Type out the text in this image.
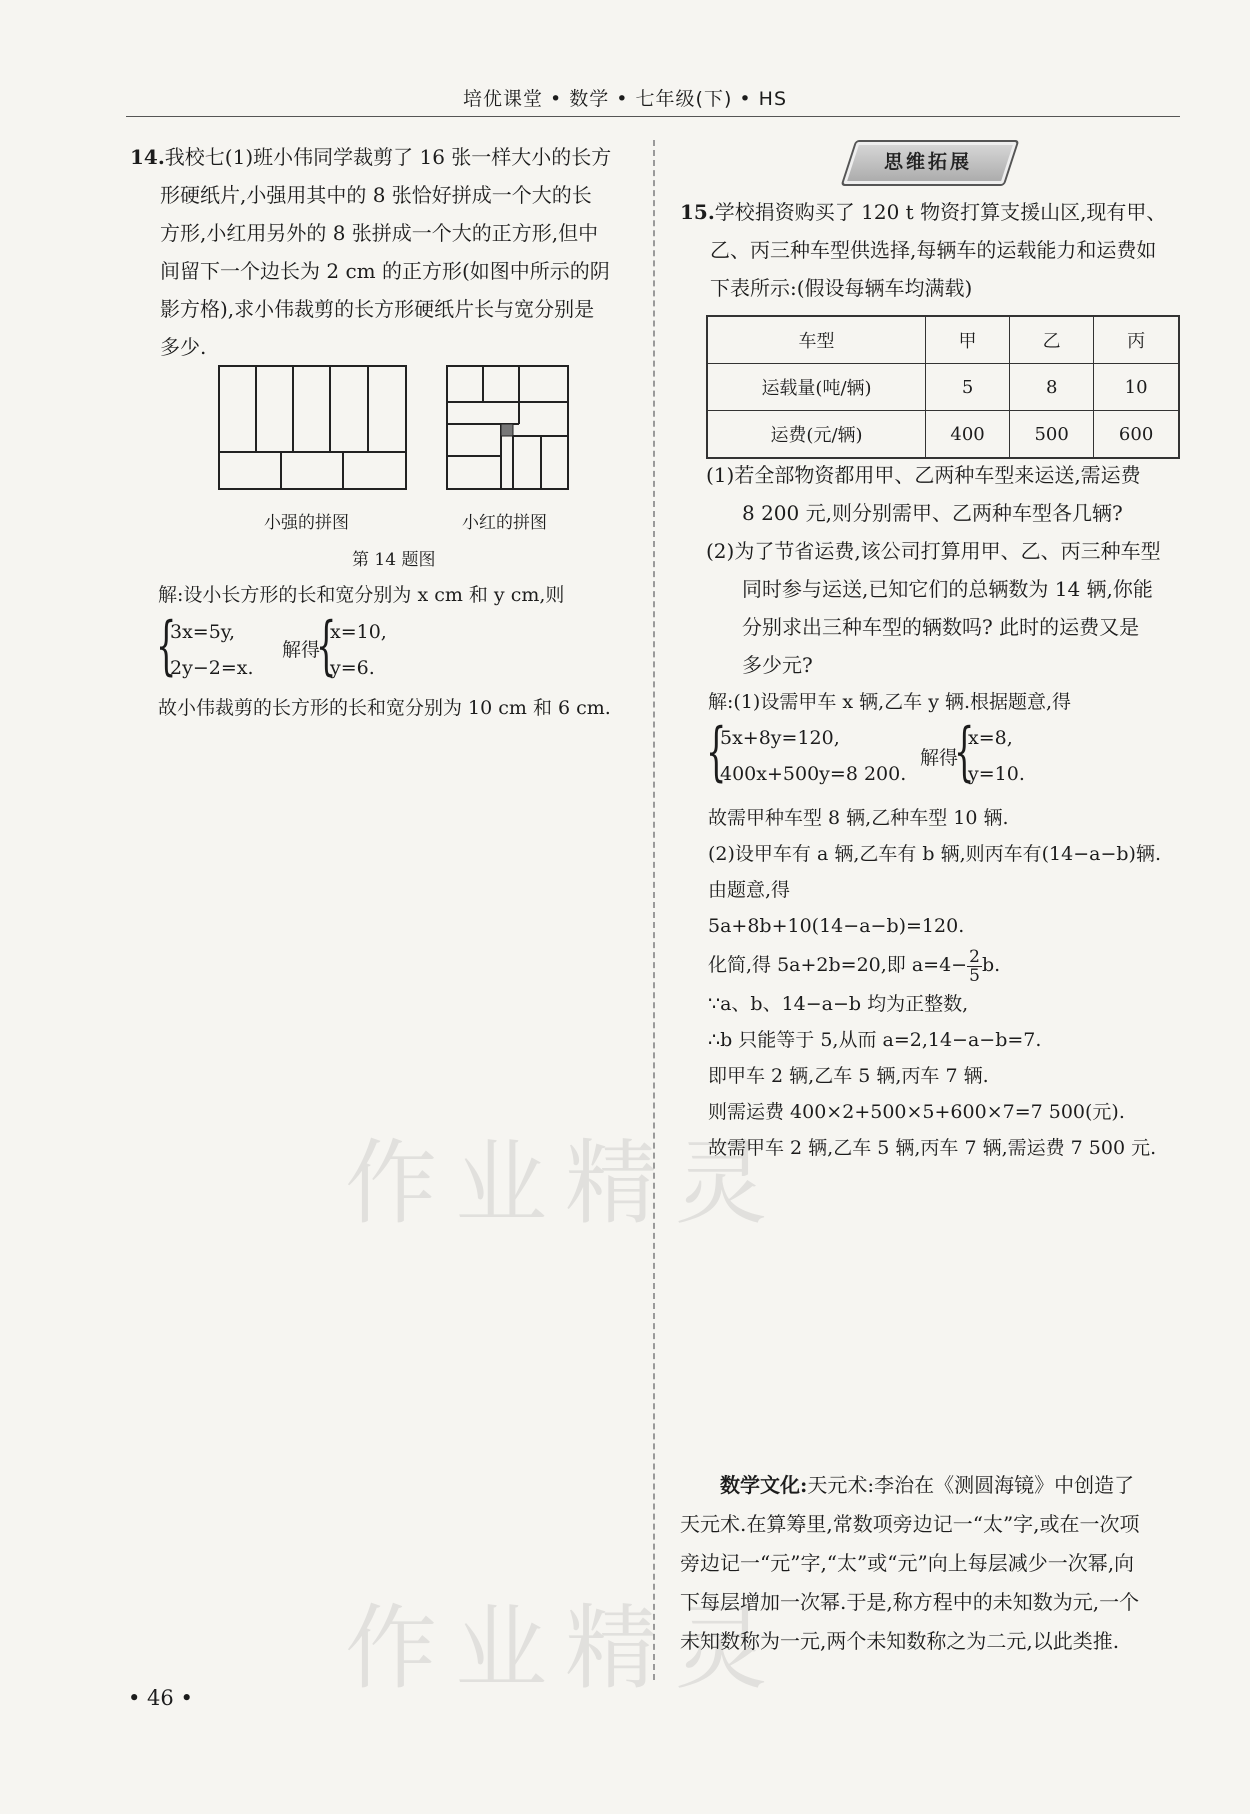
培优课堂 • 数学 • 七年级(下) • HS
作业精灵
作业精灵
14.我校七(1)班小伟同学裁剪了 16 张一样大小的长方
形硬纸片,小强用其中的 8 张恰好拼成一个大的长
方形,小红用另外的 8 张拼成一个大的正方形,但中
间留下一个边长为 2 cm 的正方形(如图中所示的阴
影方格),求小伟裁剪的长方形硬纸片长与宽分别是
多少.
小强的拼图	小红的拼图
第 14 题图
解:设小长方形的长和宽分别为 x cm 和 y cm,则
{
3x=5y,
2y−2=x.
解得
{
x=10,
y=6.
故小伟裁剪的长方形的长和宽分别为 10 cm 和 6 cm.
思维拓展
15.学校捐资购买了 120 t 物资打算支援山区,现有甲、
乙、丙三种车型供选择,每辆车的运载能力和运费如
下表所示:(假设每辆车均满载)
车型	甲	乙	丙
运载量(吨/辆)	5	8	10
运费(元/辆)	400	500	600
(1)若全部物资都用甲、乙两种车型来运送,需运费
8 200 元,则分别需甲、乙两种车型各几辆?
(2)为了节省运费,该公司打算用甲、乙、丙三种车型
同时参与运送,已知它们的总辆数为 14 辆,你能
分别求出三种车型的辆数吗? 此时的运费又是
多少元?
解:(1)设需甲车 x 辆,乙车 y 辆.根据题意,得
{
5x+8y=120,
400x+500y=8 200.
解得
{
x=8,
y=10.
故需甲种车型 8 辆,乙种车型 10 辆.
(2)设甲车有 a 辆,乙车有 b 辆,则丙车有(14−a−b)辆.
由题意,得
5a+8b+10(14−a−b)=120.
化简,得 5a+2b=20,即 $a=4- \frac{2}{5} b$.
∵a、b、14−a−b 均为正整数,
∴b 只能等于 5,从而 a=2,14−a−b=7.
即甲车 2 辆,乙车 5 辆,丙车 7 辆.
则需运费 400×2+500×5+600×7=7 500(元).
故需甲车 2 辆,乙车 5 辆,丙车 7 辆,需运费 7 500 元.
数学文化:天元术:李治在《测圆海镜》中创造了
天元术.在算筹里,常数项旁边记一“太”字,或在一次项
旁边记一“元”字,“太”或“元”向上每层减少一次幂,向
下每层增加一次幂.于是,称方程中的未知数为元,一个
未知数称为一元,两个未知数称之为二元,以此类推.
• 46 •
